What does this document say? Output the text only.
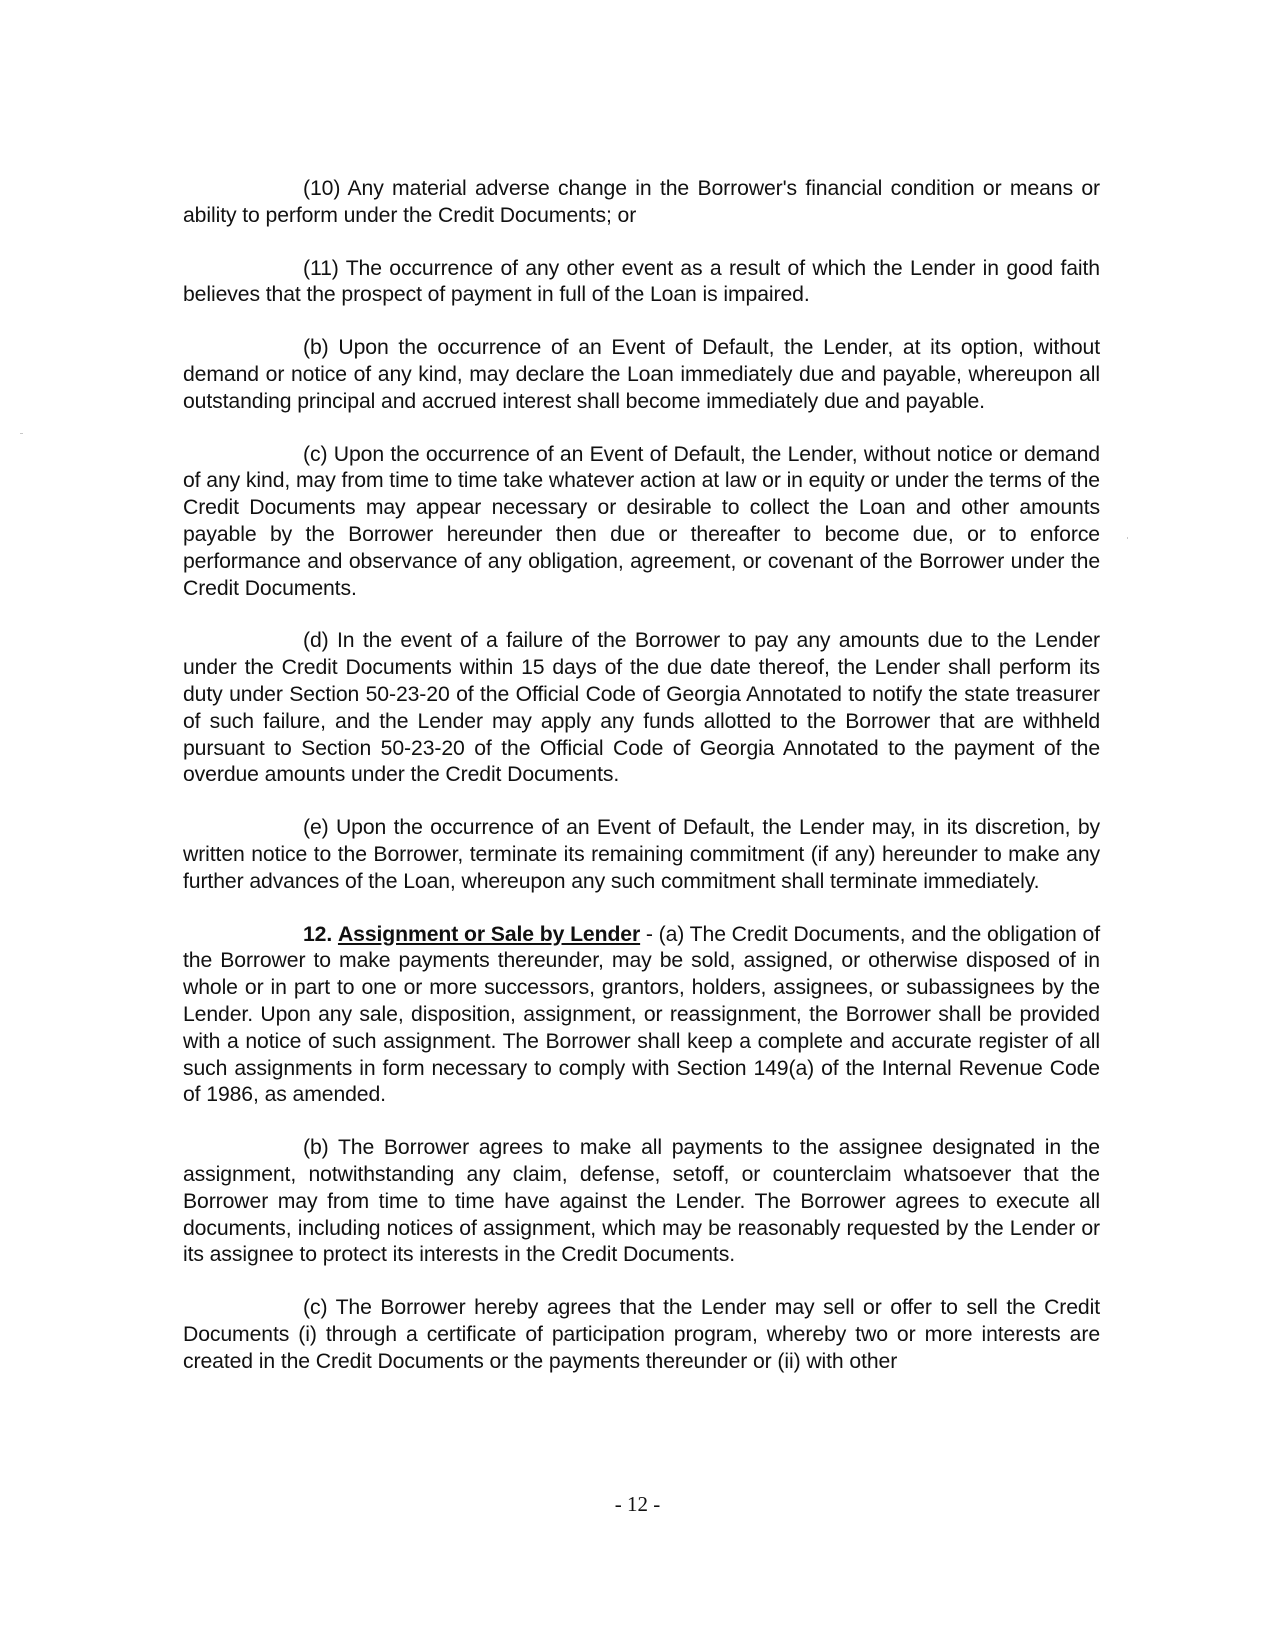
(10) Any material adverse change in the Borrower's financial condition or means or ability to perform under the Credit Documents; or

(11) The occurrence of any other event as a result of which the Lender in good faith believes that the prospect of payment in full of the Loan is impaired.

(b) Upon the occurrence of an Event of Default, the Lender, at its option, without demand or notice of any kind, may declare the Loan immediately due and payable, whereupon all outstanding principal and accrued interest shall become immediately due and payable.

(c) Upon the occurrence of an Event of Default, the Lender, without notice or demand of any kind, may from time to time take whatever action at law or in equity or under the terms of the Credit Documents may appear necessary or desirable to collect the Loan and other amounts payable by the Borrower hereunder then due or thereafter to become due, or to enforce performance and observance of any obligation, agreement, or covenant of the Borrower under the Credit Documents.

(d) In the event of a failure of the Borrower to pay any amounts due to the Lender under the Credit Documents within 15 days of the due date thereof, the Lender shall perform its duty under Section 50-23-20 of the Official Code of Georgia Annotated to notify the state treasurer of such failure, and the Lender may apply any funds allotted to the Borrower that are withheld pursuant to Section 50-23-20 of the Official Code of Georgia Annotated to the payment of the overdue amounts under the Credit Documents.

(e) Upon the occurrence of an Event of Default, the Lender may, in its discretion, by written notice to the Borrower, terminate its remaining commitment (if any) hereunder to make any further advances of the Loan, whereupon any such commitment shall terminate immediately.

12. Assignment or Sale by Lender - (a) The Credit Documents, and the obligation of the Borrower to make payments thereunder, may be sold, assigned, or otherwise disposed of in whole or in part to one or more successors, grantors, holders, assignees, or subassignees by the Lender. Upon any sale, disposition, assignment, or reassignment, the Borrower shall be provided with a notice of such assignment. The Borrower shall keep a complete and accurate register of all such assignments in form necessary to comply with Section 149(a) of the Internal Revenue Code of 1986, as amended.

(b) The Borrower agrees to make all payments to the assignee designated in the assignment, notwithstanding any claim, defense, setoff, or counterclaim whatsoever that the Borrower may from time to time have against the Lender. The Borrower agrees to execute all documents, including notices of assignment, which may be reasonably requested by the Lender or its assignee to protect its interests in the Credit Documents.

(c) The Borrower hereby agrees that the Lender may sell or offer to sell the Credit Documents (i) through a certificate of participation program, whereby two or more interests are created in the Credit Documents or the payments thereunder or (ii) with other

- 12 -
